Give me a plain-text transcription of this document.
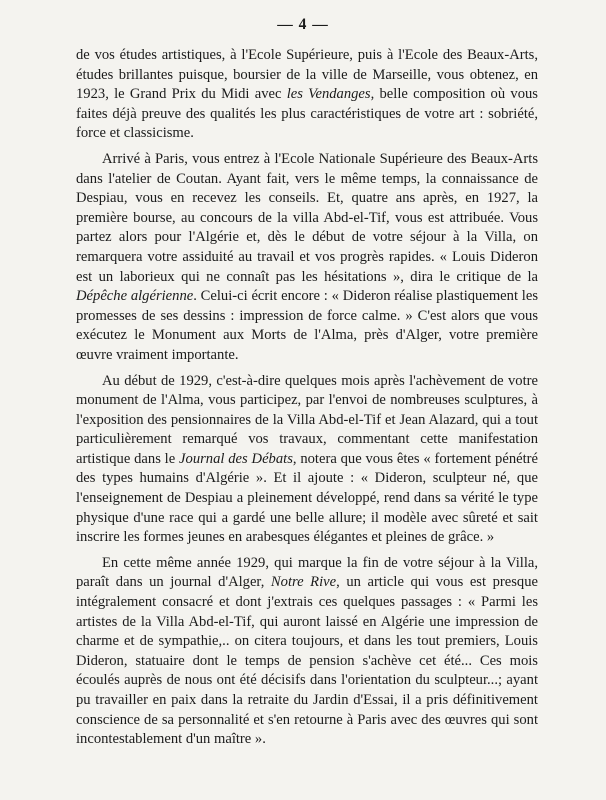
— 4 —

de vos études artistiques, à l'Ecole Supérieure, puis à l'Ecole des Beaux-Arts, études brillantes puisque, boursier de la ville de Marseille, vous obtenez, en 1923, le Grand Prix du Midi avec les Vendanges, belle composition où vous faites déjà preuve des qualités les plus caractéristiques de votre art : sobriété, force et classicisme.

Arrivé à Paris, vous entrez à l'Ecole Nationale Supérieure des Beaux-Arts dans l'atelier de Coutan. Ayant fait, vers le même temps, la connaissance de Despiau, vous en recevez les conseils. Et, quatre ans après, en 1927, la première bourse, au concours de la villa Abd-el-Tif, vous est attribuée. Vous partez alors pour l'Algérie et, dès le début de votre séjour à la Villa, on remarquera votre assiduité au travail et vos progrès rapides. « Louis Dideron est un laborieux qui ne connaît pas les hésitations », dira le critique de la Dépêche algérienne. Celui-ci écrit encore : « Dideron réalise plastiquement les promesses de ses dessins : impression de force calme. » C'est alors que vous exécutez le Monument aux Morts de l'Alma, près d'Alger, votre première œuvre vraiment importante.

Au début de 1929, c'est-à-dire quelques mois après l'achèvement de votre monument de l'Alma, vous participez, par l'envoi de nombreuses sculptures, à l'exposition des pensionnaires de la Villa Abd-el-Tif et Jean Alazard, qui a tout particulièrement remarqué vos travaux, commentant cette manifestation artistique dans le Journal des Débats, notera que vous êtes « fortement pénétré des types humains d'Algérie ». Et il ajoute : « Dideron, sculpteur né, que l'enseignement de Despiau a pleinement développé, rend dans sa vérité le type physique d'une race qui a gardé une belle allure; il modèle avec sûreté et sait inscrire les formes jeunes en arabesques élégantes et pleines de grâce. »

En cette même année 1929, qui marque la fin de votre séjour à la Villa, paraît dans un journal d'Alger, Notre Rive, un article qui vous est presque intégralement consacré et dont j'extrais ces quelques passages : « Parmi les artistes de la Villa Abd-el-Tif, qui auront laissé en Algérie une impression de charme et de sympathie,.. on citera toujours, et dans les tout premiers, Louis Dideron, statuaire dont le temps de pension s'achève cet été... Ces mois écoulés auprès de nous ont été décisifs dans l'orientation du sculpteur...; ayant pu travailler en paix dans la retraite du Jardin d'Essai, il a pris définitivement conscience de sa personnalité et s'en retourne à Paris avec des œuvres qui sont incontestablement d'un maître ».
